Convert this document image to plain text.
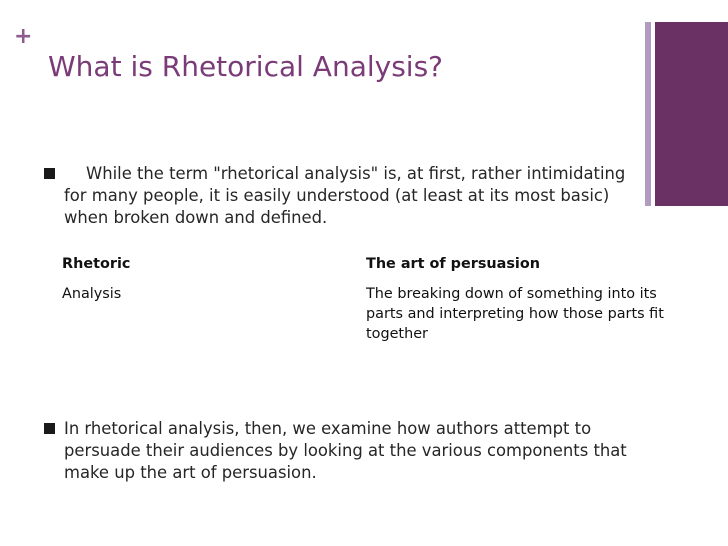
+
What is Rhetorical Analysis?
While the term "rhetorical analysis" is, at first, rather intimidating for many people, it is easily understood (at least at its most basic) when broken down and defined.
Rhetoric	The art of persuasion
Analysis	The breaking down of something into its parts and interpreting how those parts fit together
In rhetorical analysis, then, we examine how authors attempt to persuade their audiences by looking at the various components that make up the art of persuasion.
